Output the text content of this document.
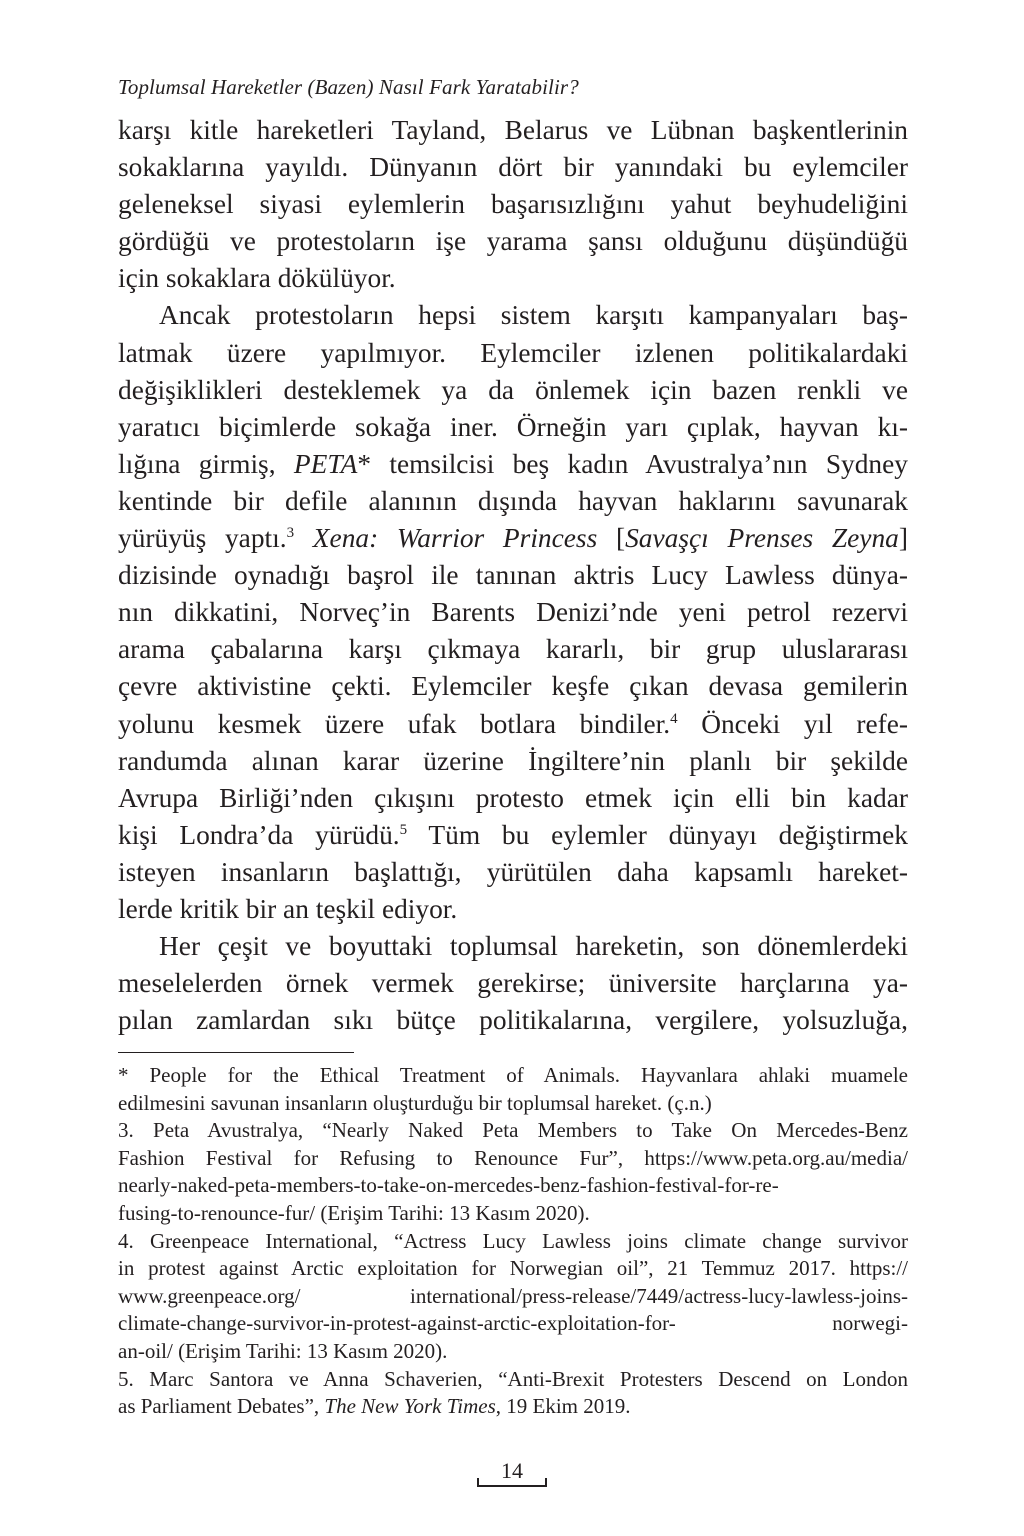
Toplumsal Hareketler (Bazen) Nasıl Fark Yaratabilir?
karşı kitle hareketleri Tayland, Belarus ve Lübnan başkentlerinin
sokaklarına yayıldı. Dünyanın dört bir yanındaki bu eylemciler
geleneksel siyasi eylemlerin başarısızlığını yahut beyhudeliğini
gördüğü ve protestoların işe yarama şansı olduğunu düşündüğü
için sokaklara dökülüyor.
Ancak protestoların hepsi sistem karşıtı kampanyaları baş-
latmak üzere yapılmıyor. Eylemciler izlenen politikalardaki
değişiklikleri desteklemek ya da önlemek için bazen renkli ve
yaratıcı biçimlerde sokağa iner. Örneğin yarı çıplak, hayvan kı-
lığına girmiş, PETA* temsilcisi beş kadın Avustralya’nın Sydney
kentinde bir defile alanının dışında hayvan haklarını savunarak
yürüyüş yaptı.$^3$ Xena: Warrior Princess [Savaşçı Prenses Zeyna]
dizisinde oynadığı başrol ile tanınan aktris Lucy Lawless dünya-
nın dikkatini, Norveç’in Barents Denizi’nde yeni petrol rezervi
arama çabalarına karşı çıkmaya kararlı, bir grup uluslararası
çevre aktivistine çekti. Eylemciler keşfe çıkan devasa gemilerin
yolunu kesmek üzere ufak botlara bindiler.$^4$ Önceki yıl refe-
randumda alınan karar üzerine İngiltere’nin planlı bir şekilde
Avrupa Birliği’nden çıkışını protesto etmek için elli bin kadar
kişi Londra’da yürüdü.$^5$ Tüm bu eylemler dünyayı değiştirmek
isteyen insanların başlattığı, yürütülen daha kapsamlı hareket-
lerde kritik bir an teşkil ediyor.
Her çeşit ve boyuttaki toplumsal hareketin, son dönemlerdeki
meselelerden örnek vermek gerekirse; üniversite harçlarına ya-
pılan zamlardan sıkı bütçe politikalarına, vergilere, yolsuzluğa,
* People for the Ethical Treatment of Animals. Hayvanlara ahlaki muamele
edilmesini savunan insanların oluşturduğu bir toplumsal hareket. (ç.n.)
3. Peta Avustralya, “Nearly Naked Peta Members to Take On Mercedes-Benz
Fashion Festival for Refusing to Renounce Fur”, https://www.peta.org.au/media/
nearly-naked-peta-members-to-take-on-mercedes-benz-fashion-festival-for-re-
fusing-to-renounce-fur/ (Erişim Tarihi: 13 Kasım 2020).
4. Greenpeace International, “Actress Lucy Lawless joins climate change survivor
in protest against Arctic exploitation for Norwegian oil”, 21 Temmuz 2017. https://
www.greenpeace.org/ international/press-release/7449/actress-lucy-lawless-joins-
climate-change-survivor-in-protest-against-arctic-exploitation-for- norwegi-
an-oil/ (Erişim Tarihi: 13 Kasım 2020).
5. Marc Santora ve Anna Schaverien, “Anti-Brexit Protesters Descend on London
as Parliament Debates”, The New York Times, 19 Ekim 2019.
14
